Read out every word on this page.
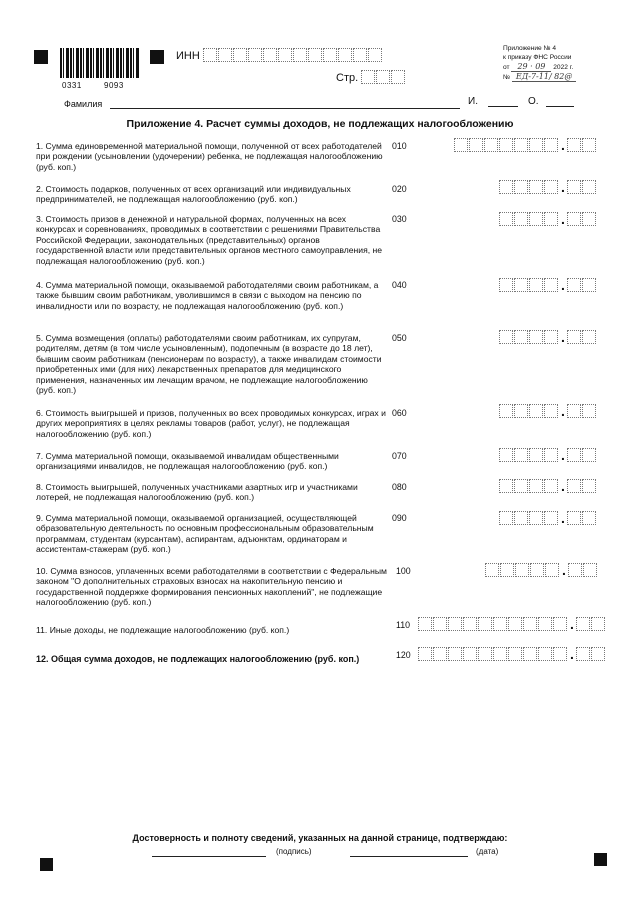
0331	9093
ИНН
Стр.
Приложение № 4
к приказу ФНС России
от 29 · 09 2022 г.
№ ЕД-7-11/ 82@
Фамилия	И.	О.
Приложение 4. Расчет суммы доходов, не подлежащих налогообложению
1. Сумма единовременной материальной помощи, полученной от всех работодателей при рождении (усыновлении (удочерении) ребенка, не подлежащая налогообложению (руб. коп.)
010	.
2. Стоимость подарков, полученных от всех организаций или индивидуальных предпринимателей, не подлежащая налогообложению (руб. коп.)
020	.
3. Стоимость призов в денежной и натуральной формах, полученных на всех конкурсах и соревнованиях, проводимых в соответствии с решениями Правительства Российской Федерации, законодательных (представительных) органов государственной власти или представительных органов местного самоуправления, не подлежащая налогообложению (руб. коп.)
030	.
4. Сумма материальной помощи, оказываемой работодателями своим работникам, а также бывшим своим работникам, уволившимся в связи с выходом на пенсию по инвалидности или по возрасту, не подлежащая налогообложению (руб. коп.)
040	.
5. Сумма возмещения (оплаты) работодателями своим работникам, их супругам, родителям, детям (в том числе усыновленным), подопечным (в возрасте до 18 лет), бывшим своим работникам (пенсионерам по возрасту), а также инвалидам стоимости приобретенных ими (для них) лекарственных препаратов для медицинского применения, назначенных им лечащим врачом, не подлежащие налогообложению (руб. коп.)
050	.
6. Стоимость выигрышей и призов, полученных во всех проводимых конкурсах, играх и других мероприятиях в целях рекламы товаров (работ, услуг), не подлежащая налогообложению (руб. коп.)
060	.
7. Сумма материальной помощи, оказываемой инвалидам общественными организациями инвалидов, не подлежащая налогообложению (руб. коп.)
070	.
8. Стоимость выигрышей, полученных участниками азартных игр и участниками лотерей, не подлежащая налогообложению (руб. коп.)
080	.
9. Сумма материальной помощи, оказываемой организацией, осуществляющей образовательную деятельность по основным профессиональным образовательным программам, студентам (курсантам), аспирантам, адъюнктам, ординаторам и ассистентам-стажерам (руб. коп.)
090	.
10. Сумма взносов, уплаченных всеми работодателями в соответствии с Федеральным законом "О дополнительных страховых взносах на накопительную пенсию и государственной поддержке формирования пенсионных накоплений", не подлежащие налогообложению (руб. коп.)
100	.
11. Иные доходы, не подлежащие налогообложению (руб. коп.)	110	.
12. Общая сумма доходов, не подлежащих налогообложению (руб. коп.)	120	.
Достоверность и полноту сведений, указанных на данной странице, подтверждаю:
(подпись)	(дата)
